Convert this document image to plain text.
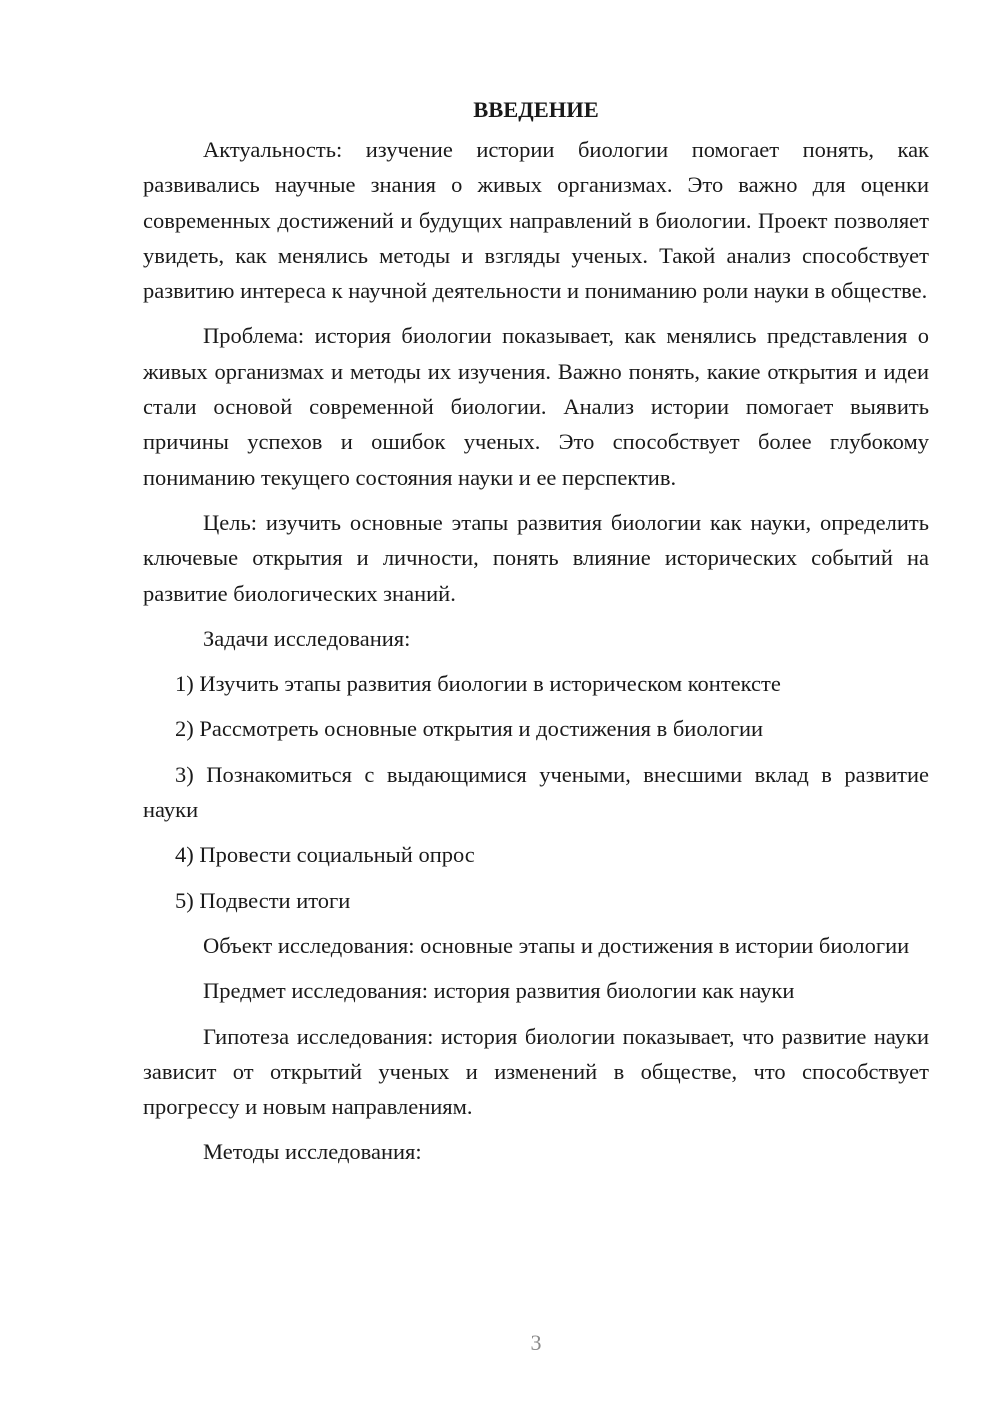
ВВЕДЕНИЕ

Актуальность: изучение истории биологии помогает понять, как развивались научные знания о живых организмах. Это важно для оценки современных достижений и будущих направлений в биологии. Проект позволяет увидеть, как менялись методы и взгляды ученых. Такой анализ способствует развитию интереса к научной деятельности и пониманию роли науки в обществе.

Проблема: история биологии показывает, как менялись представления о живых организмах и методы их изучения. Важно понять, какие открытия и идеи стали основой современной биологии. Анализ истории помогает выявить причины успехов и ошибок ученых. Это способствует более глубокому пониманию текущего состояния науки и ее перспектив.

Цель: изучить основные этапы развития биологии как науки, определить ключевые открытия и личности, понять влияние исторических событий на развитие биологических знаний.

Задачи исследования:

1) Изучить этапы развития биологии в историческом контексте

2) Рассмотреть основные открытия и достижения в биологии

3) Познакомиться с выдающимися учеными, внесшими вклад в развитие науки

4) Провести социальный опрос

5) Подвести итоги

Объект исследования: основные этапы и достижения в истории биологии

Предмет исследования: история развития биологии как науки

Гипотеза исследования: история биологии показывает, что развитие науки зависит от открытий ученых и изменений в обществе, что способствует прогрессу и новым направлениям.

Методы исследования:

3
